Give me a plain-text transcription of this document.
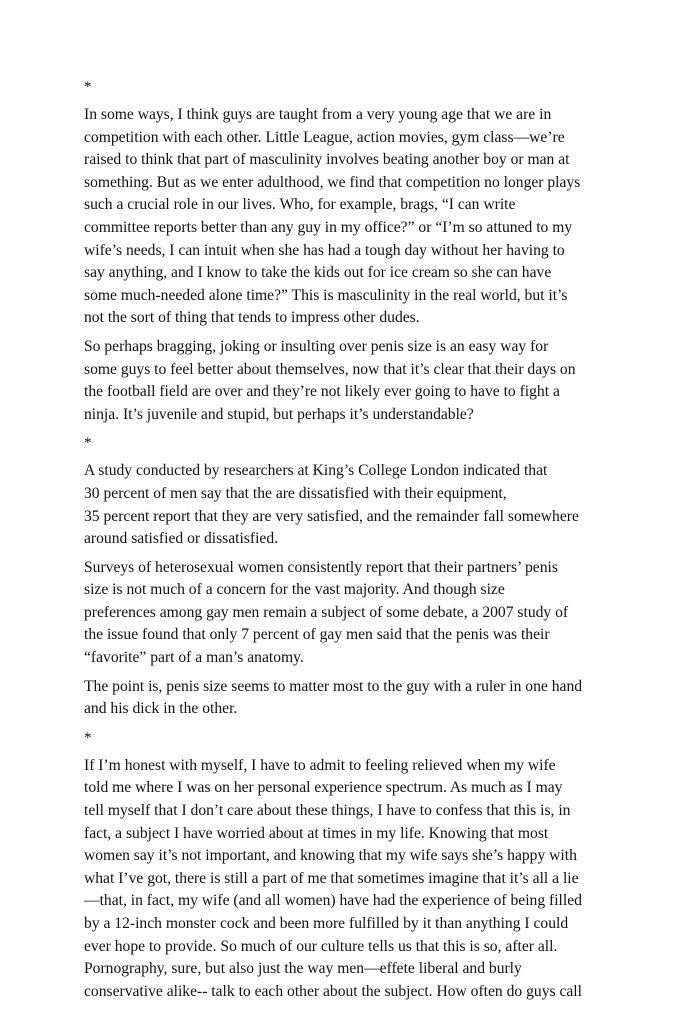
*

In some ways, I think guys are taught from a very young age that we are in
competition with each other. Little League, action movies, gym class—we’re
raised to think that part of masculinity involves beating another boy or man at
something. But as we enter adulthood, we find that competition no longer plays
such a crucial role in our lives. Who, for example, brags, “I can write
committee reports better than any guy in my office?” or “I’m so attuned to my
wife’s needs, I can intuit when she has had a tough day without her having to
say anything, and I know to take the kids out for ice cream so she can have
some much-needed alone time?” This is masculinity in the real world, but it’s
not the sort of thing that tends to impress other dudes.

So perhaps bragging, joking or insulting over penis size is an easy way for
some guys to feel better about themselves, now that it’s clear that their days on
the football field are over and they’re not likely ever going to have to fight a
ninja. It’s juvenile and stupid, but perhaps it’s understandable?

*

A study conducted by researchers at King’s College London indicated that
30 percent of men say that the are dissatisfied with their equipment,
35 percent report that they are very satisfied, and the remainder fall somewhere
around satisfied or dissatisfied.

Surveys of heterosexual women consistently report that their partners’ penis
size is not much of a concern for the vast majority. And though size
preferences among gay men remain a subject of some debate, a 2007 study of
the issue found that only 7 percent of gay men said that the penis was their
“favorite” part of a man’s anatomy.

The point is, penis size seems to matter most to the guy with a ruler in one hand
and his dick in the other.

*

If I’m honest with myself, I have to admit to feeling relieved when my wife
told me where I was on her personal experience spectrum. As much as I may
tell myself that I don’t care about these things, I have to confess that this is, in
fact, a subject I have worried about at times in my life. Knowing that most
women say it’s not important, and knowing that my wife says she’s happy with
what I’ve got, there is still a part of me that sometimes imagine that it’s all a lie
—that, in fact, my wife (and all women) have had the experience of being filled
by a 12-inch monster cock and been more fulfilled by it than anything I could
ever hope to provide. So much of our culture tells us that this is so, after all.
Pornography, sure, but also just the way men—effete liberal and burly
conservative alike-- talk to each other about the subject. How often do guys call
